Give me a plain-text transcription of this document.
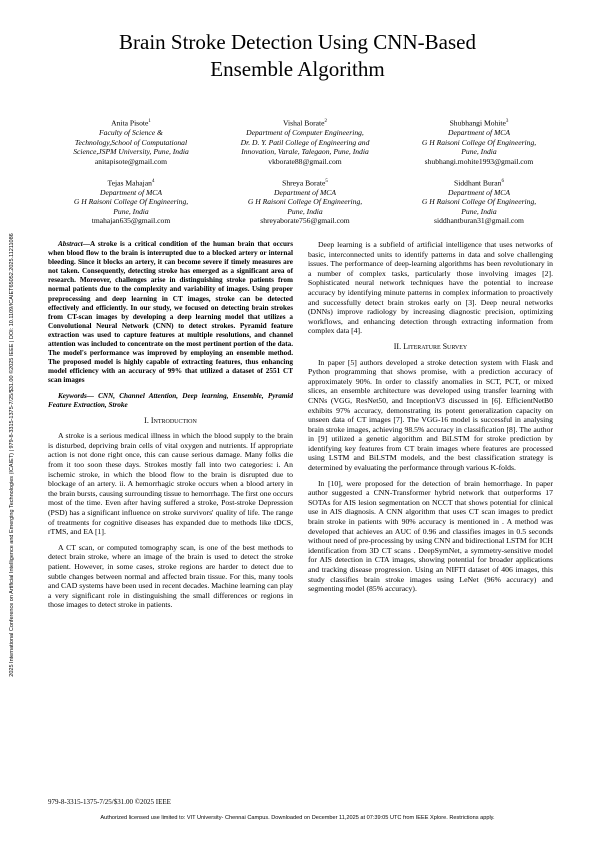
Brain Stroke Detection Using CNN-Based
Ensemble Algorithm
Anita Pisote$^1$
Faculty of Science &
Technology,School of Computational
Science,JSPM University, Pune, India
anitapisote@gmail.com
Vishal Borate$^2$
Department of Computer Engineering,
Dr. D. Y. Patil College of Engineering and
Innovation, Varale, Talegaon, Pune, India
vkborate88@gmail.com
Shubhangi Mohite$^3$
Department of MCA
G H Raisoni College Of Engineering,
Pune, India
shubhangi.mohite1993@gmail.com
Tejas Mahajan$^4$
Department of MCA
G H Raisoni College Of Engineering,
Pune, India
tmahajan635@gmail.com
Shreya Borate$^5$
Department of MCA
G H Raisoni College Of Engineering,
Pune, India
shreyaborate756@gmail.com
Siddhant Buran$^6$
Department of MCA
G H Raisoni College Of Engineering,
Pune, India
siddhantburan31@gmail.com

Abstract—A stroke is a critical condition of the human brain that occurs when blood flow to the brain is interrupted due to a blocked artery or internal bleeding. Since it blocks an artery, it can become severe if timely measures are not taken. Consequently, detecting stroke has emerged as a significant area of research. Moreover, challenges arise in distinguishing stroke patients from normal patients due to the complexity and variability of images. Using proper preprocessing and deep learning in CT images, stroke can be detected effectively and efficiently. In our study, we focused on detecting brain strokes from CT-scan images by developing a deep learning model that utilizes a Convolutional Neural Network (CNN) to detect strokes. Pyramid feature extraction was used to capture features at multiple resolutions, and channel attention was included to concentrate on the most pertinent portion of the data. The model's performance was improved by employing an ensemble method. The proposed model is highly capable of extracting features, thus enhancing model efficiency with an accuracy of 99% that utilized a dataset of 2551 CT scan images

Keywords— CNN, Channel Attention, Deep learning, Ensemble, Pyramid Feature Extraction, Stroke

I. Introduction

A stroke is a serious medical illness in which the blood supply to the brain is disturbed, depriving brain cells of vital oxygen and nutrients. If appropriate action is not done right once, this can cause serious damage. Many folks die from it too soon these days. Strokes mostly fall into two categories: i. An ischemic stroke, in which the blood flow to the brain is disrupted due to blockage of an artery. ii. A hemorrhagic stroke occurs when a blood artery in the brain bursts, causing surrounding tissue to hemorrhage. The first one occurs most of the time. Even after having suffered a stroke, Post-stroke Depression (PSD) has a significant influence on stroke survivors' quality of life. The range of treatments for cognitive diseases has expanded due to methods like tDCS, rTMS, and EA [1].

A CT scan, or computed tomography scan, is one of the best methods to detect brain stroke, where an image of the brain is used to detect the stroke patient. However, in some cases, stroke regions are harder to detect due to subtle changes between normal and affected brain tissue. For this, many tools and CAD systems have been used in recent decades. Machine learning can play a very significant role in distinguishing the small differences or regions in those images to detect stroke in patients.

Deep learning is a subfield of artificial intelligence that uses networks of basic, interconnected units to identify patterns in data and solve challenging issues. The performance of deep-learning algorithms has been revolutionary in a number of complex tasks, particularly those involving images [2]. Sophisticated neural network techniques have the potential to increase accuracy by identifying minute patterns in complex information to proactively and successfully detect brain strokes early on [3]. Deep neural networks (DNNs) improve radiology by increasing diagnostic precision, optimizing workflows, and enhancing detection through extracting information from complex data [4].

II. Literature Survey

In paper [5] authors developed a stroke detection system with Flask and Python programming that shows promise, with a prediction accuracy of approximately 90%. In order to classify anomalies in SCT, PCT, or mixed slices, an ensemble architecture was developed using transfer learning with CNNs (VGG, ResNet50, and InceptionV3 discussed in [6]. EfficientNetB0 exhibits 97% accuracy, demonstrating its potent generalization capacity on unseen data of CT images [7]. The VGG-16 model is successful in analysing brain stroke images, achieving 98.5% accuracy in classification [8]. The author in [9] utilized a genetic algorithm and BiLSTM for stroke prediction by identifying key features from CT brain images where features are processed using LSTM and BiLSTM models, and the best classification strategy is determined by evaluating the performance through various K-folds.

In [10], were proposed for the detection of brain hemorrhage. In paper author suggested a CNN-Transformer hybrid network that outperforms 17 SOTAs for AIS lesion segmentation on NCCT that shows potential for clinical use in AIS diagnosis. A CNN algorithm that uses CT scan images to predict brain stroke in patients with 90% accuracy is mentioned in . A method was developed that achieves an AUC of 0.96 and classifies images in 0.5 seconds without need of pre-processing by using CNN and bidirectional LSTM for ICH identification from 3D CT scans . DeepSymNet, a symmetry-sensitive model for AIS detection in CTA images, showing potential for broader applications and tracking disease progression. Using an NIFTI dataset of 406 images, this study classifies brain stroke images using LeNet (96% accuracy) and segmenting model (85% accuracy).

2025 International Conference on Artificial Intelligence and Emerging Technologies (ICAIET) | 979-8-3315-1375-7/25/$31.00 ©2025 IEEE | DOI: 10.1109/ICAIET65052.2025.11211086
979-8-3315-1375-7/25/$31.00 ©2025 IEEE
Authorized licensed use limited to: VIT University- Chennai Campus. Downloaded on December 11,2025 at 07:39:05 UTC from IEEE Xplore. Restrictions apply.
